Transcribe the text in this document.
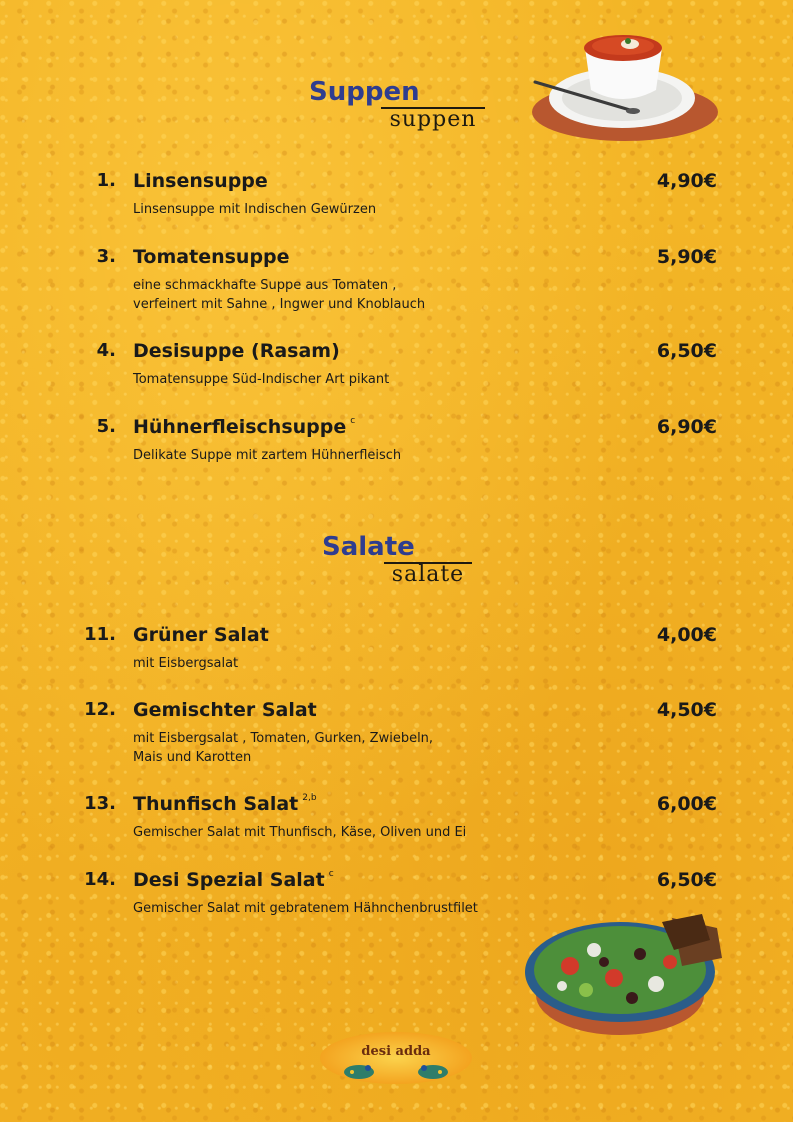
Suppen
suppen
1. Linsensuppe	4,90€
Linsensuppe mit Indischen Gewürzen
3. Tomatensuppe	5,90€
eine schmackhafte Suppe aus Tomaten ,
verfeinert mit Sahne , Ingwer und Knoblauch
4. Desisuppe (Rasam)	6,50€
Tomatensuppe Süd-Indischer Art pikant
5. Hühnerfleischsuppe $^c$	6,90€
Delikate Suppe mit zartem Hühnerfleisch
Salate
salate
11. Grüner Salat	4,00€
mit Eisbergsalat
12. Gemischter Salat	4,50€
mit Eisbergsalat , Tomaten, Gurken, Zwiebeln,
Mais und Karotten
13. Thunfisch Salat $^{2,b}$	6,00€
Gemischer Salat mit Thunfisch, Käse, Oliven und Ei
14. Desi Spezial Salat $^c$	6,50€
Gemischer Salat mit gebratenem Hähnchenbrustfilet
desi adda
